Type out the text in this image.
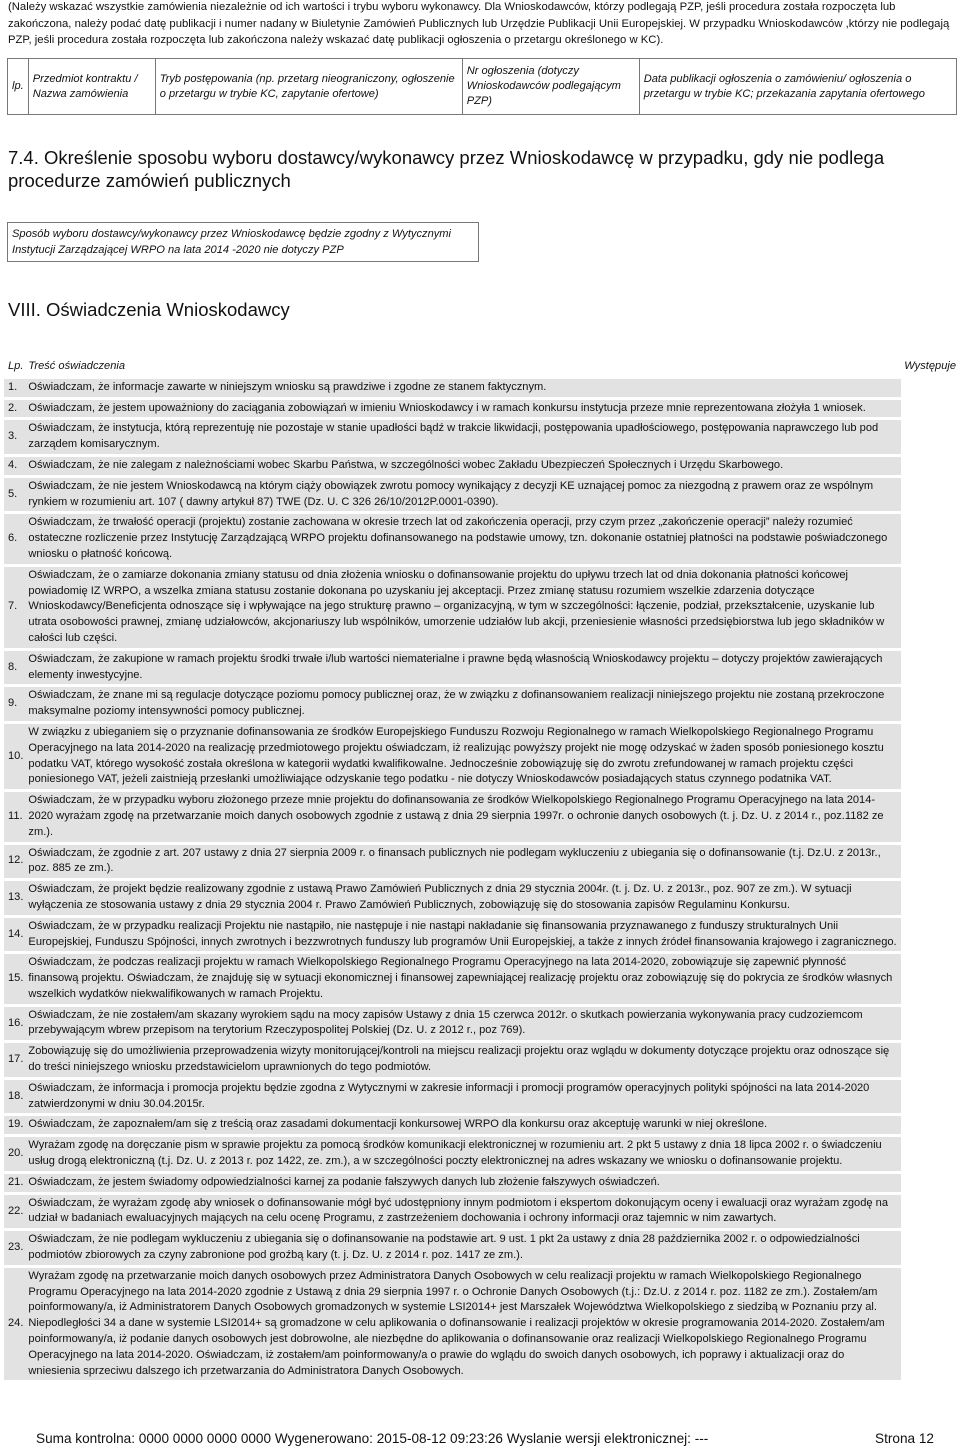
(Należy wskazać wszystkie zamówienia niezależnie od ich wartości i trybu wyboru wykonawcy. Dla Wnioskodawców, którzy podlegają PZP, jeśli procedura została rozpoczęta lub zakończona, należy podać datę publikacji i numer nadany w Biuletynie Zamówień Publicznych lub Urzędzie Publikacji Unii Europejskiej. W przypadku Wnioskodawców ,którzy nie podlegają PZP, jeśli procedura została rozpoczęta lub zakończona należy wskazać datę publikacji ogłoszenia o przetargu określonego w KC).
lp.	Przedmiot kontraktu / Nazwa zamówienia	Tryb postępowania (np. przetarg nieograniczony, ogłoszenie o przetargu w trybie KC, zapytanie ofertowe)	Nr ogłoszenia (dotyczy Wnioskodawców podlegającym PZP)	Data publikacji ogłoszenia o zamówieniu/ ogłoszenia o przetargu w trybie KC; przekazania zapytania ofertowego
7.4. Określenie sposobu wyboru dostawcy/wykonawcy przez Wnioskodawcę w przypadku, gdy nie podlega procedurze zamówień publicznych
Sposób wyboru dostawcy/wykonawcy przez Wnioskodawcę będzie zgodny z Wytycznymi Instytucji Zarządzającej WRPO na lata 2014 -2020 nie dotyczy PZP
VIII. Oświadczenia Wnioskodawcy
Lp.	Treść oświadczenia	Występuje
1.	Oświadczam, że informacje zawarte w niniejszym wniosku są prawdziwe i zgodne ze stanem faktycznym.	
2.	Oświadczam, że jestem upoważniony do zaciągania zobowiązań w imieniu Wnioskodawcy i w ramach konkursu instytucja przeze mnie reprezentowana złożyła 1 wniosek.	
3.	Oświadczam, że instytucja, którą reprezentuję nie pozostaje w stanie upadłości bądź w trakcie likwidacji, postępowania upadłościowego, postępowania naprawczego lub pod zarządem komisarycznym.	
4.	Oświadczam, że nie zalegam z należnościami wobec Skarbu Państwa, w szczególności wobec Zakładu Ubezpieczeń Społecznych i Urzędu Skarbowego.	
5.	Oświadczam, że nie jestem Wnioskodawcą na którym ciąży obowiązek zwrotu pomocy wynikający z decyzji KE uznającej pomoc za niezgodną z prawem oraz ze wspólnym rynkiem w rozumieniu art. 107 ( dawny artykuł 87) TWE (Dz. U. C 326 26/10/2012P.0001-0390).	
6.	Oświadczam, że trwałość operacji (projektu) zostanie zachowana w okresie trzech lat od zakończenia operacji, przy czym przez „zakończenie operacji” należy rozumieć ostateczne rozliczenie przez Instytucję Zarządzającą WRPO projektu dofinansowanego na podstawie umowy, tzn. dokonanie ostatniej płatności na podstawie poświadczonego wniosku o płatność końcową.	
7.	Oświadczam, że o zamiarze dokonania zmiany statusu od dnia złożenia wniosku o dofinansowanie projektu do upływu trzech lat od dnia dokonania płatności końcowej powiadomię IZ WRPO, a wszelka zmiana statusu zostanie dokonana po uzyskaniu jej akceptacji. Przez zmianę statusu rozumiem wszelkie zdarzenia dotyczące Wnioskodawcy/Beneficjenta odnoszące się i wpływające na jego strukturę prawno – organizacyjną, w tym w szczególności: łączenie, podział, przekształcenie, uzyskanie lub utrata osobowości prawnej, zmianę udziałowców, akcjonariuszy lub wspólników, umorzenie udziałów lub akcji, przeniesienie własności przedsiębiorstwa lub jego składników w całości lub części.	
8.	Oświadczam, że zakupione w ramach projektu środki trwałe i/lub wartości niematerialne i prawne będą własnością Wnioskodawcy projektu – dotyczy projektów zawierających elementy inwestycyjne.	
9.	Oświadczam, że znane mi są regulacje dotyczące poziomu pomocy publicznej oraz, że w związku z dofinansowaniem realizacji niniejszego projektu nie zostaną przekroczone maksymalne poziomy intensywności pomocy publicznej.	
10.	W związku z ubieganiem się o przyznanie dofinansowania ze środków Europejskiego Funduszu Rozwoju Regionalnego w ramach Wielkopolskiego Regionalnego Programu Operacyjnego na lata 2014-2020 na realizację przedmiotowego projektu oświadczam, iż realizując powyższy projekt nie mogę odzyskać w żaden sposób poniesionego kosztu podatku VAT, którego wysokość została określona w kategorii wydatki kwalifikowalne. Jednocześnie zobowiązuję się do zwrotu zrefundowanej w ramach projektu części poniesionego VAT, jeżeli zaistnieją przesłanki umożliwiające odzyskanie tego podatku - nie dotyczy Wnioskodawców posiadających status czynnego podatnika VAT.	
11.	Oświadczam, że w przypadku wyboru złożonego przeze mnie projektu do dofinansowania ze środków Wielkopolskiego Regionalnego Programu Operacyjnego na lata 2014-2020 wyrażam zgodę na przetwarzanie moich danych osobowych zgodnie z ustawą z dnia 29 sierpnia 1997r. o ochronie danych osobowych (t. j. Dz. U. z 2014 r., poz.1182 ze zm.).	
12.	Oświadczam, że zgodnie z art. 207 ustawy z dnia 27 sierpnia 2009 r. o finansach publicznych nie podlegam wykluczeniu z ubiegania się o dofinansowanie (t.j. Dz.U. z 2013r., poz. 885 ze zm.).	
13.	Oświadczam, że projekt będzie realizowany zgodnie z ustawą Prawo Zamówień Publicznych z dnia 29 stycznia 2004r. (t. j. Dz. U. z 2013r., poz. 907 ze zm.). W sytuacji wyłączenia ze stosowania ustawy z dnia 29 stycznia 2004 r. Prawo Zamówień Publicznych, zobowiązuję się do stosowania zapisów Regulaminu Konkursu.	
14.	Oświadczam, że w przypadku realizacji Projektu nie nastąpiło, nie następuje i nie nastąpi nakładanie się finansowania przyznawanego z funduszy strukturalnych Unii Europejskiej, Funduszu Spójności, innych zwrotnych i bezzwrotnych funduszy lub programów Unii Europejskiej, a także z innych źródeł finansowania krajowego i zagranicznego.	
15.	Oświadczam, że podczas realizacji projektu w ramach Wielkopolskiego Regionalnego Programu Operacyjnego na lata 2014-2020, zobowiązuje się zapewnić płynność finansową projektu. Oświadczam, że znajduję się w sytuacji ekonomicznej i finansowej zapewniającej realizację projektu oraz zobowiązuję się do pokrycia ze środków własnych wszelkich wydatków niekwalifikowanych w ramach Projektu.	
16.	Oświadczam, że nie zostałem/am skazany wyrokiem sądu na mocy zapisów Ustawy z dnia 15 czerwca 2012r. o skutkach powierzania wykonywania pracy cudzoziemcom przebywającym wbrew przepisom na terytorium Rzeczypospolitej Polskiej (Dz. U. z 2012 r., poz 769).	
17.	Zobowiązuję się do umożliwienia przeprowadzenia wizyty monitorującej/kontroli na miejscu realizacji projektu oraz wglądu w dokumenty dotyczące projektu oraz odnoszące się do treści niniejszego wniosku przedstawicielom uprawnionych do tego podmiotów.	
18.	Oświadczam, że informacja i promocja projektu będzie zgodna z Wytycznymi w zakresie informacji i promocji programów operacyjnych polityki spójności na lata 2014-2020 zatwierdzonymi w dniu 30.04.2015r.	
19.	Oświadczam, że zapoznałem/am się z treścią oraz zasadami dokumentacji konkursowej WRPO dla konkursu oraz akceptuję warunki w niej określone.	
20.	Wyrażam zgodę na doręczanie pism w sprawie projektu za pomocą środków komunikacji elektronicznej w rozumieniu art. 2 pkt 5 ustawy z dnia 18 lipca 2002 r. o świadczeniu usług drogą elektroniczną (t.j. Dz. U. z 2013 r. poz 1422, ze. zm.), a w szczególności poczty elektronicznej na adres wskazany we wniosku o dofinansowanie projektu.	
21.	Oświadczam, że jestem świadomy odpowiedzialności karnej za podanie fałszywych danych lub złożenie fałszywych oświadczeń.	
22.	Oświadczam, że wyrażam zgodę aby wniosek o dofinansowanie mógł być udostępniony innym podmiotom i ekspertom dokonującym oceny i ewaluacji oraz wyrażam zgodę na udział w badaniach ewaluacyjnych mających na celu ocenę Programu, z zastrzeżeniem dochowania i ochrony informacji oraz tajemnic w nim zawartych.	
23.	Oświadczam, że nie podlegam wykluczeniu z ubiegania się o dofinansowanie na podstawie art. 9 ust. 1 pkt 2a ustawy z dnia 28 października 2002 r. o odpowiedzialności podmiotów zbiorowych za czyny zabronione pod groźbą kary (t. j. Dz. U. z 2014 r. poz. 1417 ze zm.).	
24.	Wyrażam zgodę na przetwarzanie moich danych osobowych przez Administratora Danych Osobowych w celu realizacji projektu w ramach Wielkopolskiego Regionalnego Programu Operacyjnego na lata 2014-2020 zgodnie z Ustawą z dnia 29 sierpnia 1997 r. o Ochronie Danych Osobowych (t.j.: Dz.U. z 2014 r. poz. 1182 ze zm.). Zostałem/am poinformowany/a, iż Administratorem Danych Osobowych gromadzonych w systemie LSI2014+ jest Marszałek Województwa Wielkopolskiego z siedzibą w Poznaniu przy al. Niepodległości 34 a dane w systemie LSI2014+ są gromadzone w celu aplikowania o dofinansowanie i realizacji projektów w okresie programowania 2014-2020. Zostałem/am poinformowany/a, iż podanie danych osobowych jest dobrowolne, ale niezbędne do aplikowania o dofinansowanie oraz realizacji Wielkopolskiego Regionalnego Programu Operacyjnego na lata 2014-2020. Oświadczam, iż zostałem/am poinformowany/a o prawie do wglądu do swoich danych osobowych, ich poprawy i aktualizacji oraz do wniesienia sprzeciwu dalszego ich przetwarzania do Administratora Danych Osobowych.	
Suma kontrolna: 0000 0000 0000 0000 Wygenerowano: 2015-08-12 09:23:26 Wyslanie wersji elektronicznej: ---	Strona 12
